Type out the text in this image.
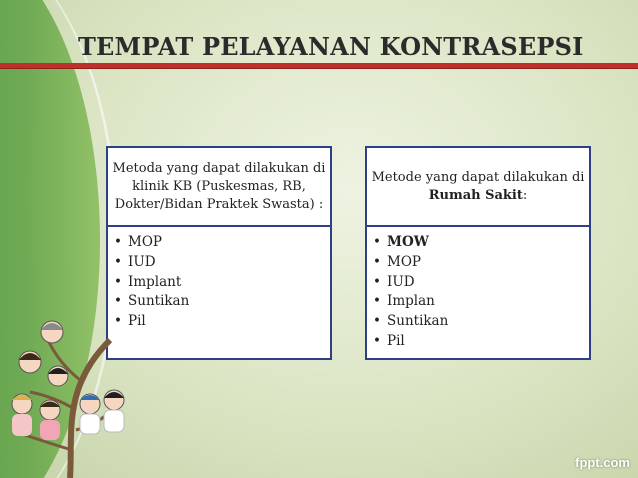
TEMPAT PELAYANAN KONTRASEPSI
Metoda yang dapat dilakukan di klinik KB (Puskesmas, RB, Dokter/Bidan Praktek Swasta) :
• MOP
• IUD
• Implant
• Suntikan
• Pil
Metode yang dapat dilakukan di Rumah Sakit:
• MOW
• MOP
• IUD
• Implan
• Suntikan
• Pil
fppt.com
